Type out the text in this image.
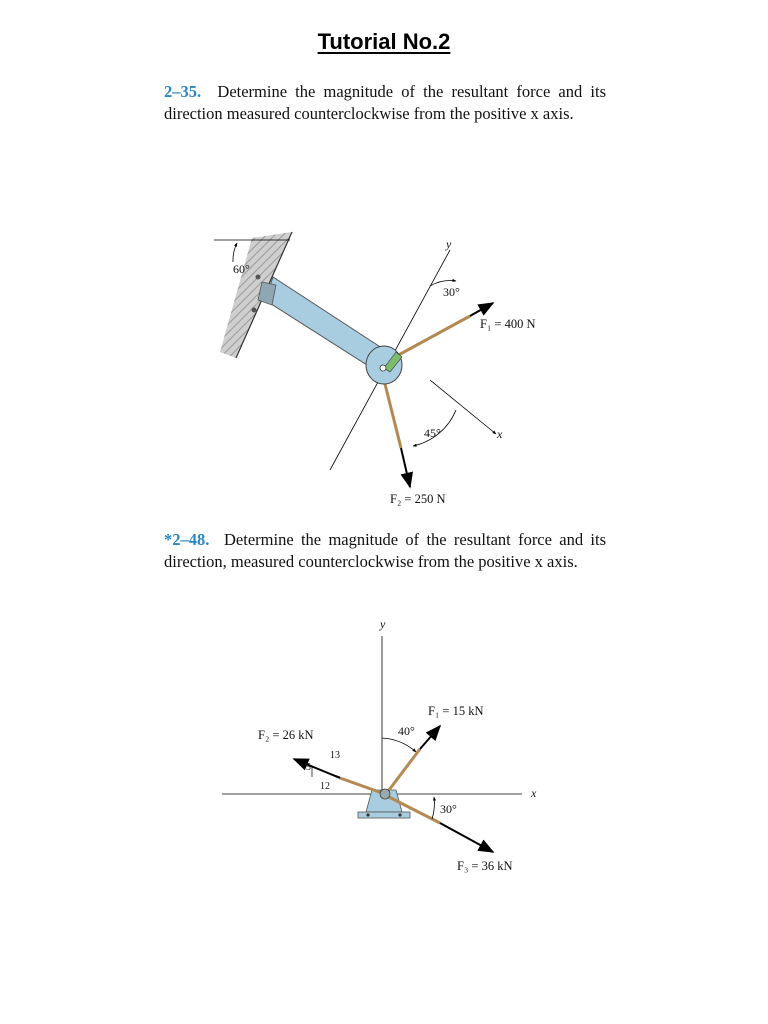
Tutorial No.2
2–35. Determine the magnitude of the resultant force and its direction measured counterclockwise from the positive x axis.
60°
y
x
30°
F₁ = 400 N
45°
F₂ = 250 N
*2–48. Determine the magnitude of the resultant force and its direction, measured counterclockwise from the positive x axis.
y
x
40°
F₁ = 15 kN
5
13
12
F₂ = 26 kN
30°
F₃ = 36 kN
